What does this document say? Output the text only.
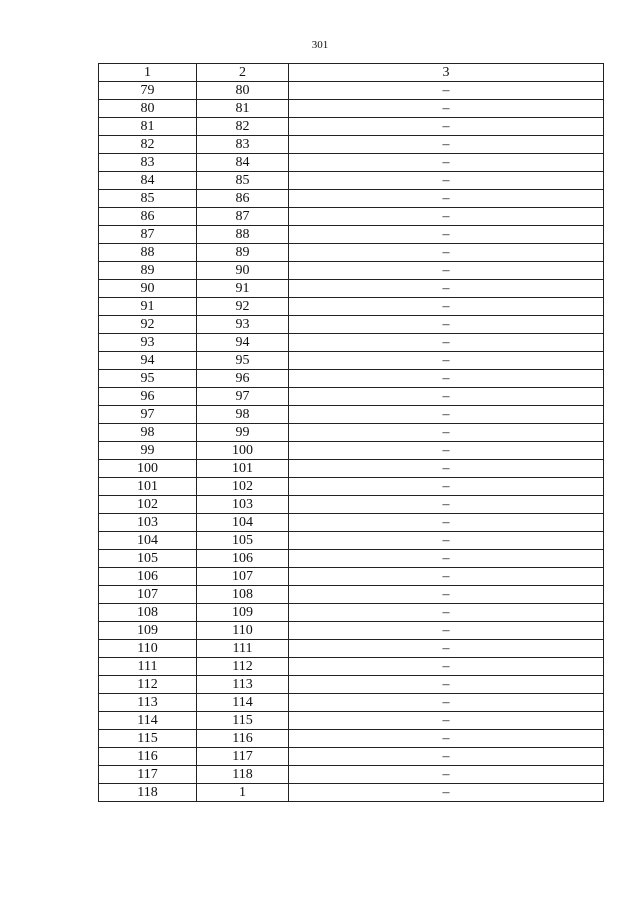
301
1	2	3
79	80	–
80	81	–
81	82	–
82	83	–
83	84	–
84	85	–
85	86	–
86	87	–
87	88	–
88	89	–
89	90	–
90	91	–
91	92	–
92	93	–
93	94	–
94	95	–
95	96	–
96	97	–
97	98	–
98	99	–
99	100	–
100	101	–
101	102	–
102	103	–
103	104	–
104	105	–
105	106	–
106	107	–
107	108	–
108	109	–
109	110	–
110	111	–
111	112	–
112	113	–
113	114	–
114	115	–
115	116	–
116	117	–
117	118	–
118	1	–
